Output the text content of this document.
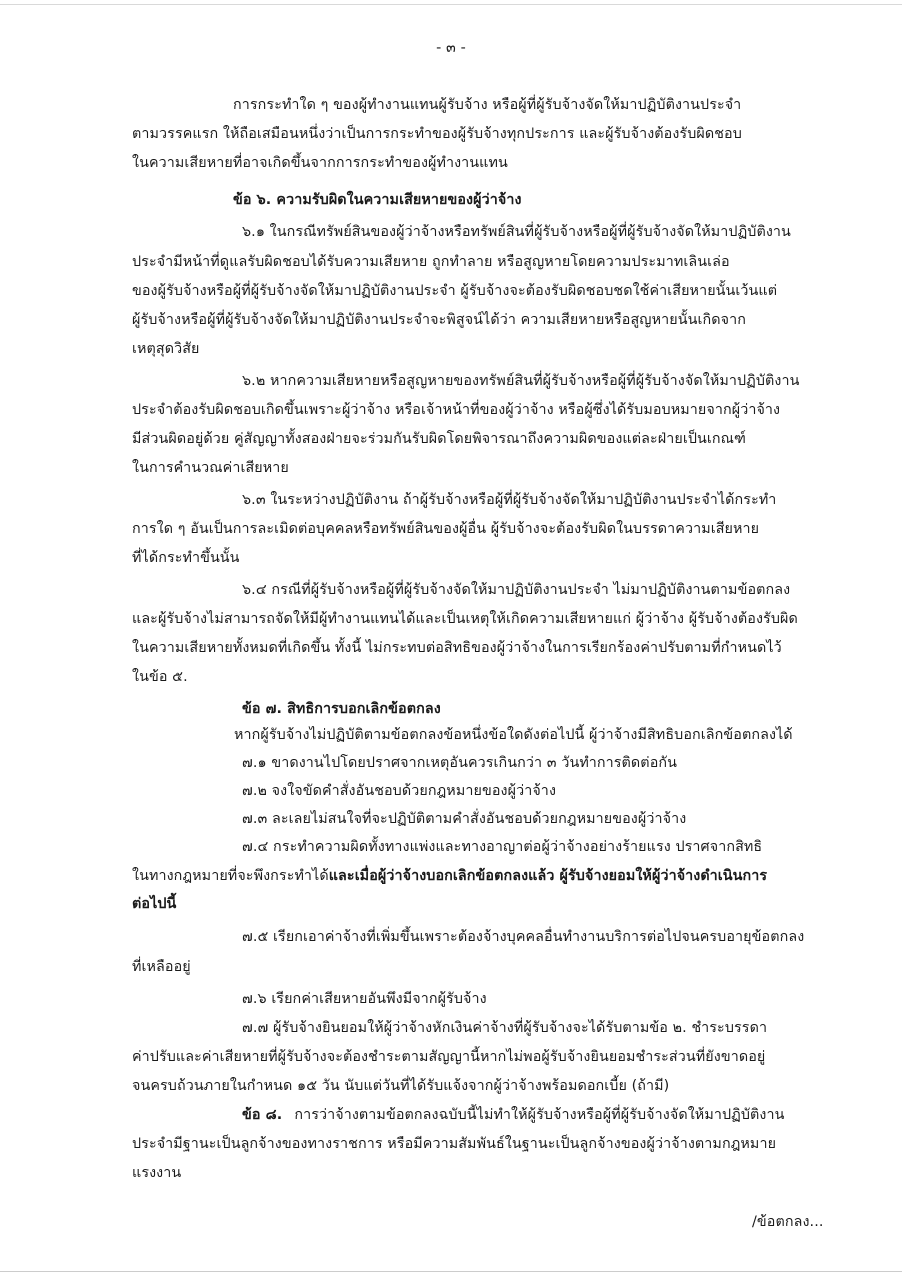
- ๓ -
การกระทำใด ๆ ของผู้ทำงานแทนผู้รับจ้าง หรือผู้ที่ผู้รับจ้างจัดให้มาปฏิบัติงานประจำ
ตามวรรคแรก ให้ถือเสมือนหนึ่งว่าเป็นการกระทำของผู้รับจ้างทุกประการ และผู้รับจ้างต้องรับผิดชอบ
ในความเสียหายที่อาจเกิดขึ้นจากการกระทำของผู้ทำงานแทน
ข้อ ๖. ความรับผิดในความเสียหายของผู้ว่าจ้าง
๖.๑ ในกรณีทรัพย์สินของผู้ว่าจ้างหรือทรัพย์สินที่ผู้รับจ้างหรือผู้ที่ผู้รับจ้างจัดให้มาปฏิบัติงาน
ประจำมีหน้าที่ดูแลรับผิดชอบได้รับความเสียหาย ถูกทำลาย หรือสูญหายโดยความประมาทเลินเล่อ
ของผู้รับจ้างหรือผู้ที่ผู้รับจ้างจัดให้มาปฏิบัติงานประจำ ผู้รับจ้างจะต้องรับผิดชอบชดใช้ค่าเสียหายนั้นเว้นแต่
ผู้รับจ้างหรือผู้ที่ผู้รับจ้างจัดให้มาปฏิบัติงานประจำจะพิสูจน์ได้ว่า ความเสียหายหรือสูญหายนั้นเกิดจาก
เหตุสุดวิสัย
๖.๒ หากความเสียหายหรือสูญหายของทรัพย์สินที่ผู้รับจ้างหรือผู้ที่ผู้รับจ้างจัดให้มาปฏิบัติงาน
ประจำต้องรับผิดชอบเกิดขึ้นเพราะผู้ว่าจ้าง หรือเจ้าหน้าที่ของผู้ว่าจ้าง หรือผู้ซึ่งได้รับมอบหมายจากผู้ว่าจ้าง
มีส่วนผิดอยู่ด้วย คู่สัญญาทั้งสองฝ่ายจะร่วมกันรับผิดโดยพิจารณาถึงความผิดของแต่ละฝ่ายเป็นเกณฑ์
ในการคำนวณค่าเสียหาย
๖.๓ ในระหว่างปฏิบัติงาน ถ้าผู้รับจ้างหรือผู้ที่ผู้รับจ้างจัดให้มาปฏิบัติงานประจำได้กระทำ
การใด ๆ อันเป็นการละเมิดต่อบุคคลหรือทรัพย์สินของผู้อื่น ผู้รับจ้างจะต้องรับผิดในบรรดาความเสียหาย
ที่ได้กระทำขึ้นนั้น
๖.๔ กรณีที่ผู้รับจ้างหรือผู้ที่ผู้รับจ้างจัดให้มาปฏิบัติงานประจำ ไม่มาปฏิบัติงานตามข้อตกลง
และผู้รับจ้างไม่สามารถจัดให้มีผู้ทำงานแทนได้และเป็นเหตุให้เกิดความเสียหายแก่ ผู้ว่าจ้าง ผู้รับจ้างต้องรับผิด
ในความเสียหายทั้งหมดที่เกิดขึ้น ทั้งนี้ ไม่กระทบต่อสิทธิของผู้ว่าจ้างในการเรียกร้องค่าปรับตามที่กำหนดไว้
ในข้อ ๕.
ข้อ ๗. สิทธิการบอกเลิกข้อตกลง
หากผู้รับจ้างไม่ปฏิบัติตามข้อตกลงข้อหนึ่งข้อใดดังต่อไปนี้ ผู้ว่าจ้างมีสิทธิบอกเลิกข้อตกลงได้
๗.๑ ขาดงานไปโดยปราศจากเหตุอันควรเกินกว่า ๓ วันทำการติดต่อกัน
๗.๒ จงใจขัดคำสั่งอันชอบด้วยกฎหมายของผู้ว่าจ้าง
๗.๓ ละเลยไม่สนใจที่จะปฏิบัติตามคำสั่งอันชอบด้วยกฎหมายของผู้ว่าจ้าง
๗.๔ กระทำความผิดทั้งทางแพ่งและทางอาญาต่อผู้ว่าจ้างอย่างร้ายแรง ปราศจากสิทธิ
ในทางกฎหมายที่จะพึงกระทำได้และเมื่อผู้ว่าจ้างบอกเลิกข้อตกลงแล้ว ผู้รับจ้างยอมให้ผู้ว่าจ้างดำเนินการ
ต่อไปนี้
๗.๕ เรียกเอาค่าจ้างที่เพิ่มขึ้นเพราะต้องจ้างบุคคลอื่นทำงานบริการต่อไปจนครบอายุข้อตกลง
ที่เหลืออยู่
๗.๖ เรียกค่าเสียหายอันพึงมีจากผู้รับจ้าง
๗.๗ ผู้รับจ้างยินยอมให้ผู้ว่าจ้างหักเงินค่าจ้างที่ผู้รับจ้างจะได้รับตามข้อ ๒. ชำระบรรดา
ค่าปรับและค่าเสียหายที่ผู้รับจ้างจะต้องชำระตามสัญญานี้หากไม่พอผู้รับจ้างยินยอมชำระส่วนที่ยังขาดอยู่
จนครบถ้วนภายในกำหนด ๑๕ วัน นับแต่วันที่ได้รับแจ้งจากผู้ว่าจ้างพร้อมดอกเบี้ย (ถ้ามี)
ข้อ ๘. การว่าจ้างตามข้อตกลงฉบับนี้ไม่ทำให้ผู้รับจ้างหรือผู้ที่ผู้รับจ้างจัดให้มาปฏิบัติงาน
ประจำมีฐานะเป็นลูกจ้างของทางราชการ หรือมีความสัมพันธ์ในฐานะเป็นลูกจ้างของผู้ว่าจ้างตามกฎหมาย
แรงงาน
/ข้อตกลง...
